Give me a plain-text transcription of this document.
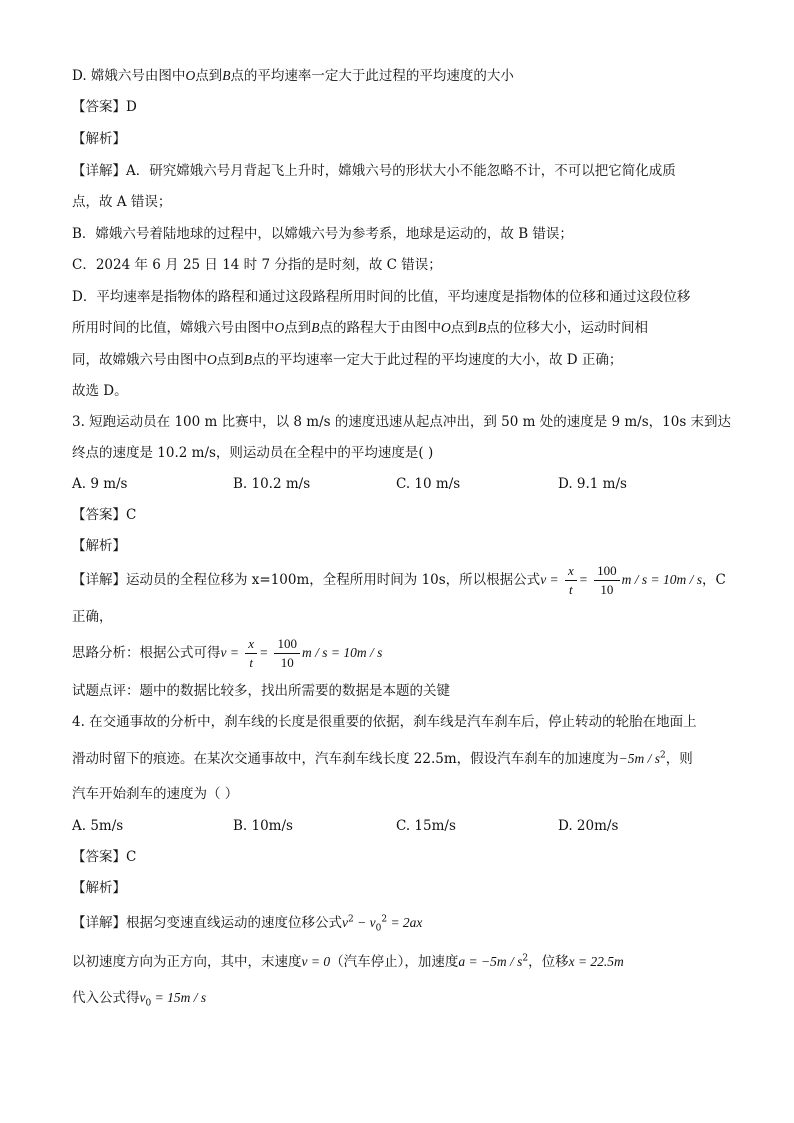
D. 嫦娥六号由图中O点到B点的平均速率一定大于此过程的平均速度的大小
【答案】D
【解析】
【详解】A．研究嫦娥六号月背起飞上升时，嫦娥六号的形状大小不能忽略不计，不可以把它简化成质
点，故 A 错误；
B．嫦娥六号着陆地球的过程中，以嫦娥六号为参考系，地球是运动的，故 B 错误；
C．2024 年 6 月 25 日 14 时 7 分指的是时刻，故 C 错误；
D．平均速率是指物体的路程和通过这段路程所用时间的比值，平均速度是指物体的位移和通过这段位移
所用时间的比值，嫦娥六号由图中O点到B点的路程大于由图中O点到B点的位移大小，运动时间相
同，故嫦娥六号由图中O点到B点的平均速率一定大于此过程的平均速度的大小，故 D 正确；
故选 D。
3. 短跑运动员在 100 m 比赛中，以 8 m/s 的速度迅速从起点冲出，到 50 m 处的速度是 9 m/s，10s 末到达
终点的速度是 10.2 m/s，则运动员在全程中的平均速度是( )
A. 9 m/s	B. 10.2 m/s	C. 10 m/s	D. 9.1 m/s
【答案】C
【解析】
【详解】运动员的全程位移为 x=100m，全程所用时间为 10s，所以根据公式$v = \frac{x}{t} = \frac{100}{10}$ m / s = 10m / s，C
正确，
思路分析：根据公式可得$v = \frac{x}{t} = \frac{100}{10}$ m / s = 10m / s
试题点评：题中的数据比较多，找出所需要的数据是本题的关键
4. 在交通事故的分析中，刹车线的长度是很重要的依据，刹车线是汽车刹车后，停止转动的轮胎在地面上
滑动时留下的痕迹。在某次交通事故中，汽车刹车线长度 22.5m，假设汽车刹车的加速度为$-5m / s^2$，则
汽车开始刹车的速度为（ ）
A. 5m/s	B. 10m/s	C. 15m/s	D. 20m/s
【答案】C
【解析】
【详解】根据匀变速直线运动的速度位移公式$v^2 - v_0^2 = 2ax$
以初速度方向为正方向，其中，末速度v = 0（汽车停止），加速度$a = -5m / s^2$，位移x = 22.5m
代入公式得$v_0 = 15m / s$
